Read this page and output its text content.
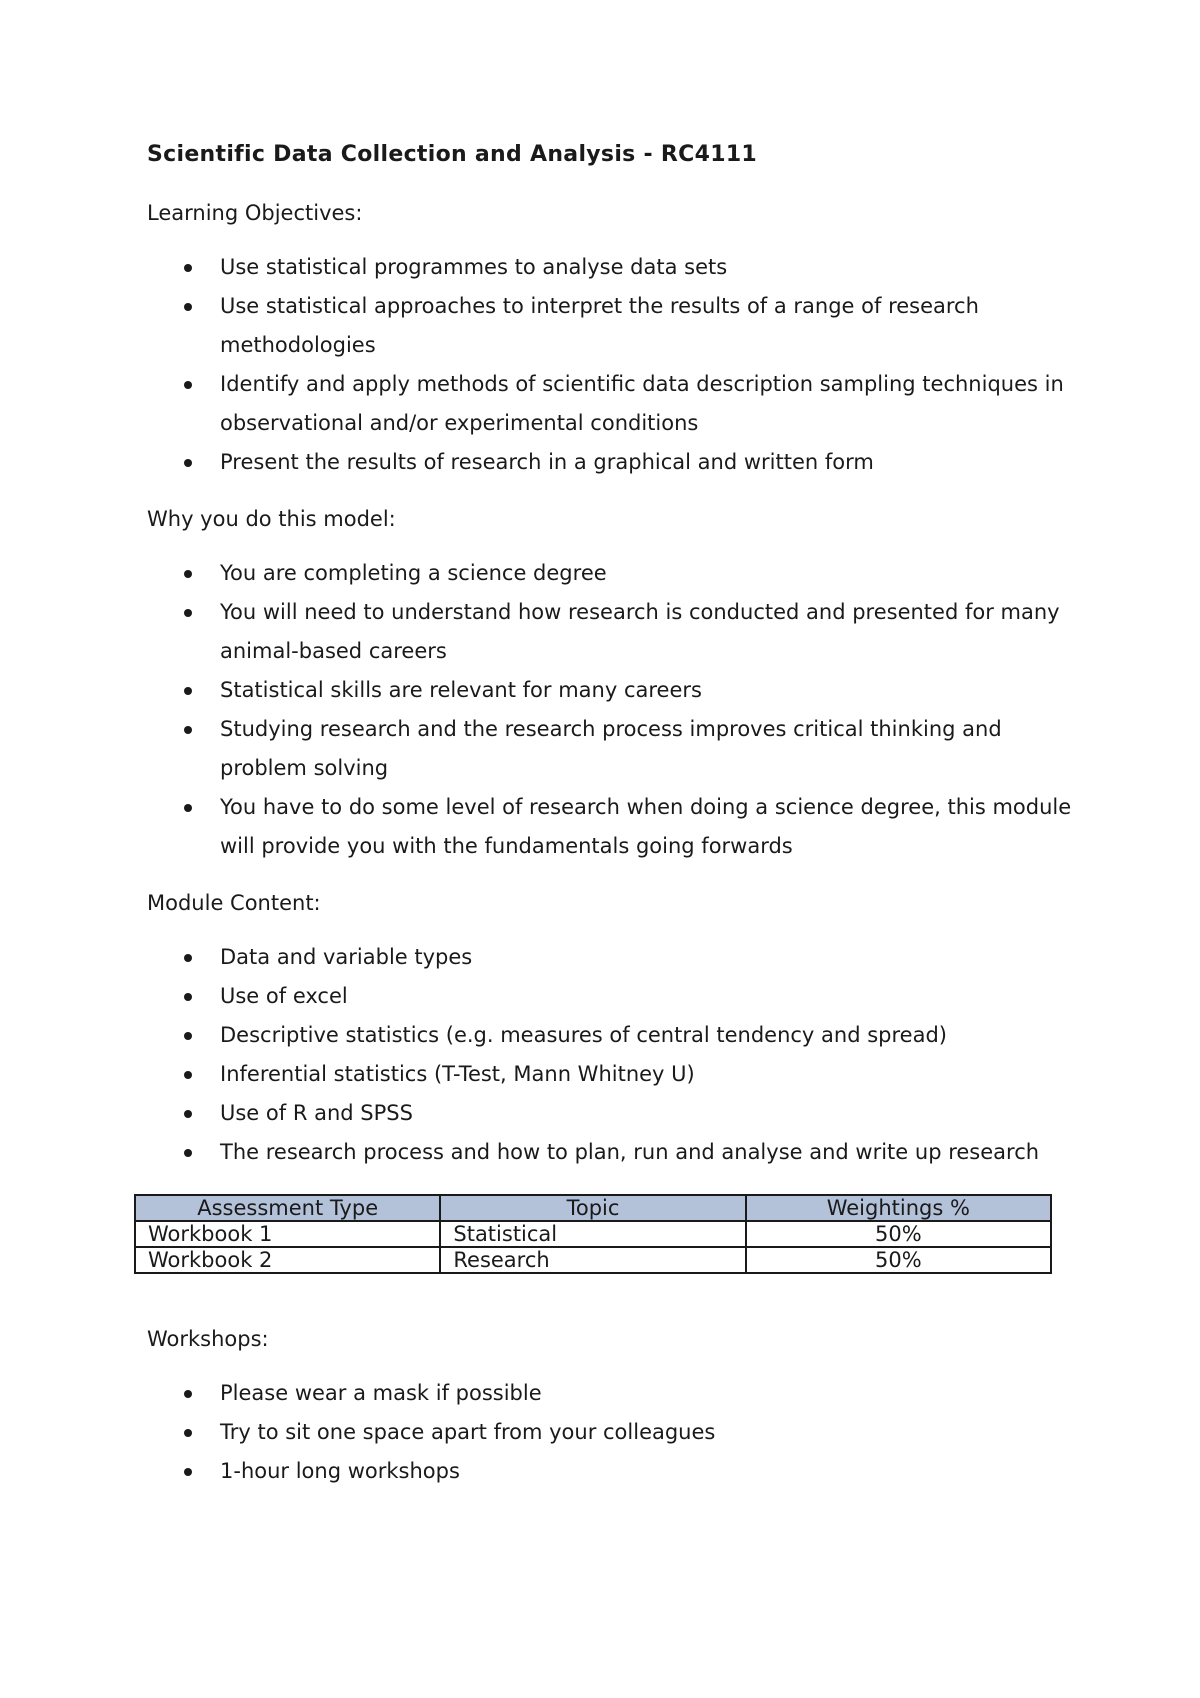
Scientific Data Collection and Analysis - RC4111
Learning Objectives:
Use statistical programmes to analyse data sets
Use statistical approaches to interpret the results of a range of research methodologies
Identify and apply methods of scientific data description sampling techniques in observational and/or experimental conditions
Present the results of research in a graphical and written form
Why you do this model:
You are completing a science degree
You will need to understand how research is conducted and presented for many animal-based careers
Statistical skills are relevant for many careers
Studying research and the research process improves critical thinking and problem solving
You have to do some level of research when doing a science degree, this module will provide you with the fundamentals going forwards
Module Content:
Data and variable types
Use of excel
Descriptive statistics (e.g. measures of central tendency and spread)
Inferential statistics (T-Test, Mann Whitney U)
Use of R and SPSS
The research process and how to plan, run and analyse and write up research
Assessment Type	Topic	Weightings %
Workbook 1	Statistical	50%
Workbook 2	Research	50%
Workshops:
Please wear a mask if possible
Try to sit one space apart from your colleagues
1-hour long workshops
